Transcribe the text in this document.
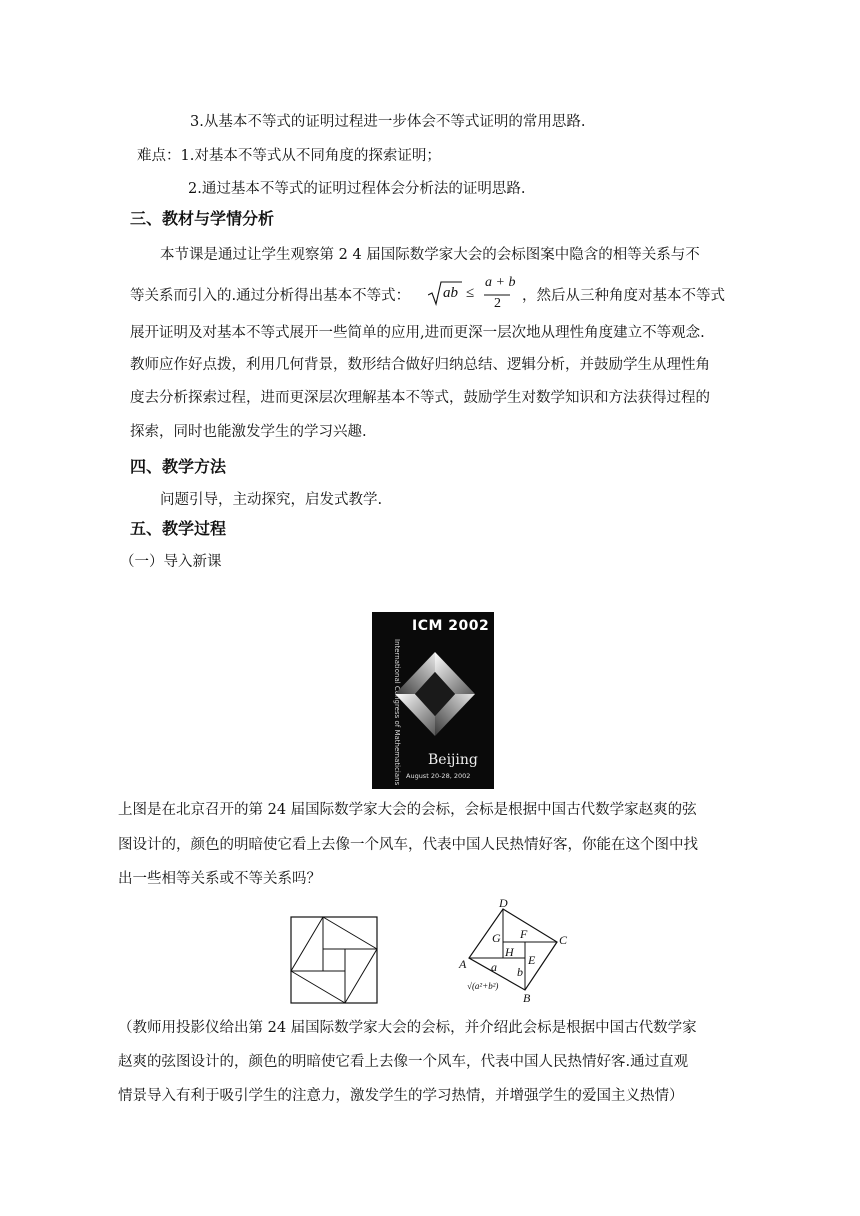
3.从基本不等式的证明过程进一步体会不等式证明的常用思路.
难点：1.对基本不等式从不同角度的探索证明；
2.通过基本不等式的证明过程体会分析法的证明思路.
三、教材与学情分析
本节课是通过让学生观察第 2 4 届国际数学家大会的会标图案中隐含的相等关系与不
等关系而引入的.通过分析得出基本不等式： ab ≤
a + b
2 ，然后从三种角度对基本不等式
展开证明及对基本不等式展开一些简单的应用,进而更深一层次地从理性角度建立不等观念.
教师应作好点拨，利用几何背景，数形结合做好归纳总结、逻辑分析，并鼓励学生从理性角
度去分析探索过程，进而更深层次理解基本不等式，鼓励学生对数学知识和方法获得过程的
探索，同时也能激发学生的学习兴趣.
四、教学方法
问题引导，主动探究，启发式教学.
五、教学过程
（一）导入新课
ICM 2002
International Congress of Mathematicians Beijing
August 20-28, 2002
上图是在北京召开的第 24 届国际数学家大会的会标，会标是根据中国古代数学家赵爽的弦
图设计的，颜色的明暗使它看上去像一个风车，代表中国人民热情好客，你能在这个图中找
出一些相等关系或不等关系吗？
D
C
A
B
G F
H
E
a b
√(a²+b²)
（教师用投影仪给出第 24 届国际数学家大会的会标，并介绍此会标是根据中国古代数学家
赵爽的弦图设计的，颜色的明暗使它看上去像一个风车，代表中国人民热情好客.通过直观
情景导入有利于吸引学生的注意力，激发学生的学习热情，并增强学生的爱国主义热情）
